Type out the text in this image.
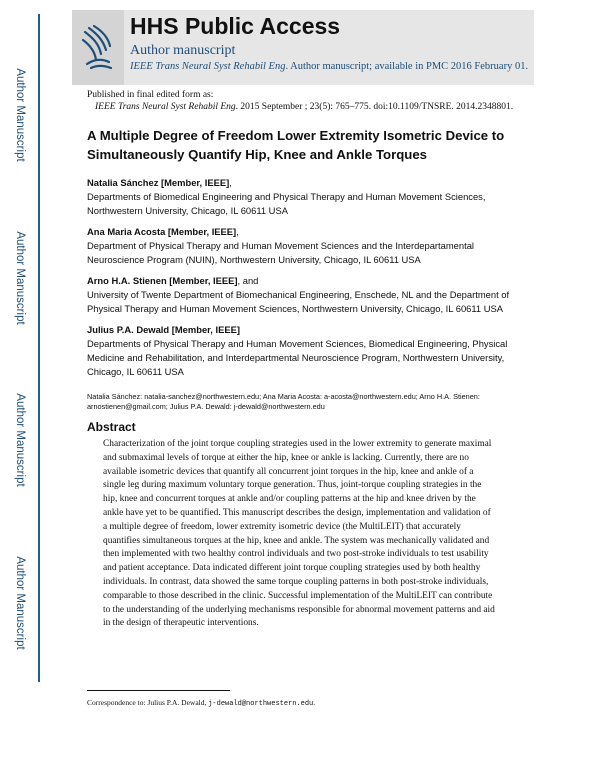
Author Manuscript
Author Manuscript
Author Manuscript
Author Manuscript
HHS Public Access
Author manuscript
IEEE Trans Neural Syst Rehabil Eng. Author manuscript; available in PMC 2016 February 01.
Published in final edited form as:
IEEE Trans Neural Syst Rehabil Eng. 2015 September ; 23(5): 765–775. doi:10.1109/TNSRE. 2014.2348801.
A Multiple Degree of Freedom Lower Extremity Isometric Device to Simultaneously Quantify Hip, Knee and Ankle Torques
Natalia Sánchez [Member, IEEE],
Departments of Biomedical Engineering and Physical Therapy and Human Movement Sciences, Northwestern University, Chicago, IL 60611 USA
Ana Maria Acosta [Member, IEEE],
Department of Physical Therapy and Human Movement Sciences and the Interdepartamental Neuroscience Program (NUIN), Northwestern University, Chicago, IL 60611 USA
Arno H.A. Stienen [Member, IEEE], and
University of Twente Department of Biomechanical Engineering, Enschede, NL and the Department of Physical Therapy and Human Movement Sciences, Northwestern University, Chicago, IL 60611 USA
Julius P.A. Dewald [Member, IEEE]
Departments of Physical Therapy and Human Movement Sciences, Biomedical Engineering, Physical Medicine and Rehabilitation, and Interdepartmental Neuroscience Program, Northwestern University, Chicago, IL 60611 USA
Natalia Sánchez: natalia-sanchez@northwestern.edu; Ana Maria Acosta: a-acosta@northwestern.edu; Arno H.A. Stienen: arnostienen@gmail.com; Julius P.A. Dewald: j-dewald@northwestern.edu
Abstract

Characterization of the joint torque coupling strategies used in the lower extremity to generate maximal and submaximal levels of torque at either the hip, knee or ankle is lacking. Currently, there are no available isometric devices that quantify all concurrent joint torques in the hip, knee and ankle of a single leg during maximum voluntary torque generation. Thus, joint-torque coupling strategies in the hip, knee and concurrent torques at ankle and/or coupling patterns at the hip and knee driven by the ankle have yet to be quantified. This manuscript describes the design, implementation and validation of a multiple degree of freedom, lower extremity isometric device (the MultiLEIT) that accurately quantifies simultaneous torques at the hip, knee and ankle. The system was mechanically validated and then implemented with two healthy control individuals and two post-stroke individuals to test usability and patient acceptance. Data indicated different joint torque coupling strategies used by both healthy individuals. In contrast, data showed the same torque coupling patterns in both post-stroke individuals, comparable to those described in the clinic. Successful implementation of the MultiLEIT can contribute to the understanding of the underlying mechanisms responsible for abnormal movement patterns and aid in the design of therapeutic interventions.

Correspondence to: Julius P.A. Dewald, j-dewald@northwestern.edu.
